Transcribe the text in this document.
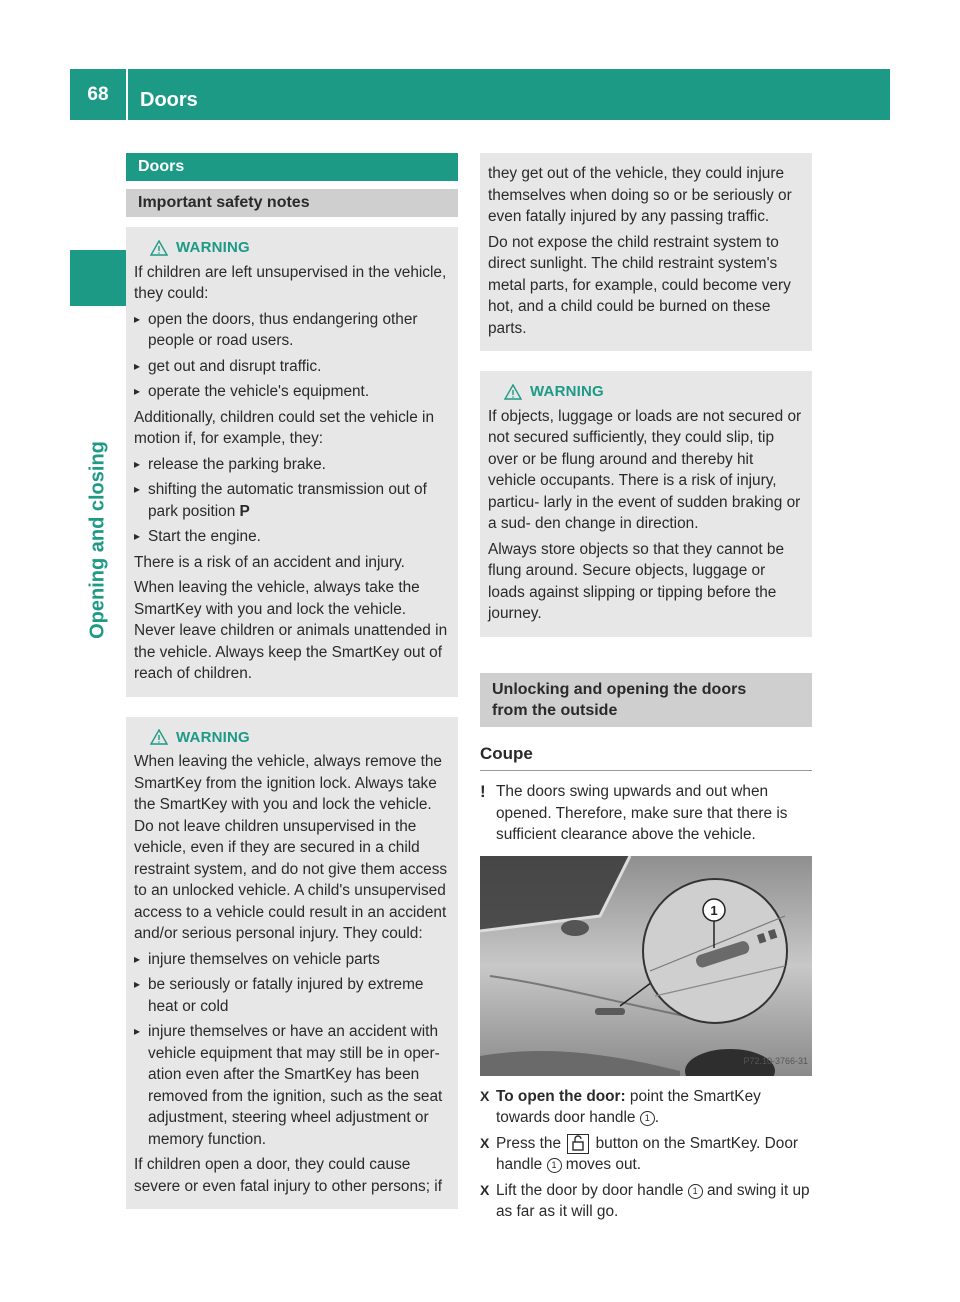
68	Doors
Opening and closing
Doors
Important safety notes
WARNING

If children are left unsupervised in the vehicle, they could:

▸ open the doors, thus endangering other people or road users.
▸ get out and disrupt traffic.
▸ operate the vehicle's equipment.

Additionally, children could set the vehicle in motion if, for example, they:

▸ release the parking brake.
▸ shifting the automatic transmission out of park position P
▸ Start the engine.

There is a risk of an accident and injury.

When leaving the vehicle, always take the SmartKey with you and lock the vehicle. Never leave children or animals unattended in the vehicle. Always keep the SmartKey out of reach of children.

WARNING

When leaving the vehicle, always remove the SmartKey from the ignition lock. Always take the SmartKey with you and lock the vehicle. Do not leave children unsupervised in the vehicle, even if they are secured in a child restraint system, and do not give them access to an unlocked vehicle. A child's unsupervised access to a vehicle could result in an accident and/or serious personal injury. They could:

▸ injure themselves on vehicle parts
▸ be seriously or fatally injured by extreme heat or cold
▸ injure themselves or have an accident with vehicle equipment that may still be in oper- ation even after the SmartKey has been removed from the ignition, such as the seat adjustment, steering wheel adjustment or memory function.

If children open a door, they could cause severe or even fatal injury to other persons; if

they get out of the vehicle, they could injure themselves when doing so or be seriously or even fatally injured by any passing traffic.

Do not expose the child restraint system to direct sunlight. The child restraint system's metal parts, for example, could become very hot, and a child could be burned on these parts.

WARNING

If objects, luggage or loads are not secured or not secured sufficiently, they could slip, tip over or be flung around and thereby hit vehicle occupants. There is a risk of injury, particu- larly in the event of sudden braking or a sud- den change in direction.

Always store objects so that they cannot be flung around. Secure objects, luggage or loads against slipping or tipping before the journey.

Unlocking and opening the doors
from the outside
Coupe
! The doors swing upwards and out when opened. Therefore, make sure that there is sufficient clearance above the vehicle.
1
P72.10-3766-31
X To open the door: point the SmartKey towards door handle 1 .
X Press the  button on the SmartKey. Door handle 1 moves out.
X Lift the door by door handle 1 and swing it up as far as it will go.
